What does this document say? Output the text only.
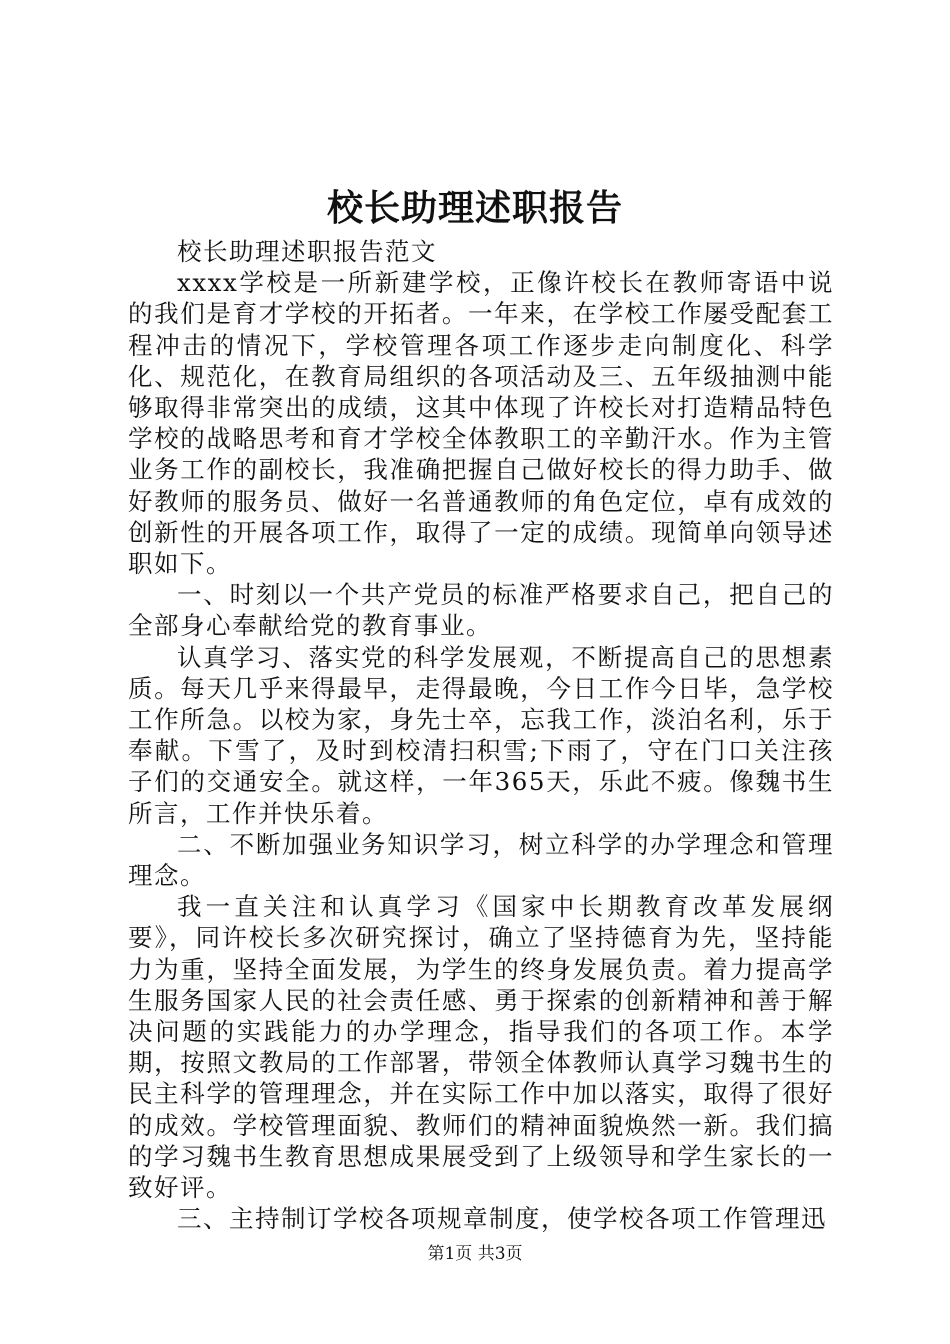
校长助理述职报告

校长助理述职报告范文

xxxx学校是一所新建学校，正像许校长在教师寄语中说的我们是育才学校的开拓者。一年来，在学校工作屡受配套工程冲击的情况下，学校管理各项工作逐步走向制度化、科学化、规范化，在教育局组织的各项活动及三、五年级抽测中能够取得非常突出的成绩，这其中体现了许校长对打造精品特色学校的战略思考和育才学校全体教职工的辛勤汗水。作为主管业务工作的副校长，我准确把握自己做好校长的得力助手、做好教师的服务员、做好一名普通教师的角色定位，卓有成效的创新性的开展各项工作，取得了一定的成绩。现简单向领导述职如下。

一、时刻以一个共产党员的标准严格要求自己，把自己的全部身心奉献给党的教育事业。

认真学习、落实党的科学发展观，不断提高自己的思想素质。每天几乎来得最早，走得最晚，今日工作今日毕，急学校工作所急。以校为家，身先士卒，忘我工作，淡泊名利，乐于奉献。下雪了，及时到校清扫积雪;下雨了，守在门口关注孩子们的交通安全。就这样，一年365天，乐此不疲。像魏书生所言，工作并快乐着。

二、不断加强业务知识学习，树立科学的办学理念和管理理念。

我一直关注和认真学习《国家中长期教育改革发展纲要》，同许校长多次研究探讨，确立了坚持德育为先，坚持能力为重，坚持全面发展，为学生的终身发展负责。着力提高学生服务国家人民的社会责任感、勇于探索的创新精神和善于解决问题的实践能力的办学理念，指导我们的各项工作。本学期，按照文教局的工作部署，带领全体教师认真学习魏书生的民主科学的管理理念，并在实际工作中加以落实，取得了很好的成效。学校管理面貌、教师们的精神面貌焕然一新。我们搞的学习魏书生教育思想成果展受到了上级领导和学生家长的一致好评。

三、主持制订学校各项规章制度，使学校各项工作管理迅

第1页 共3页
